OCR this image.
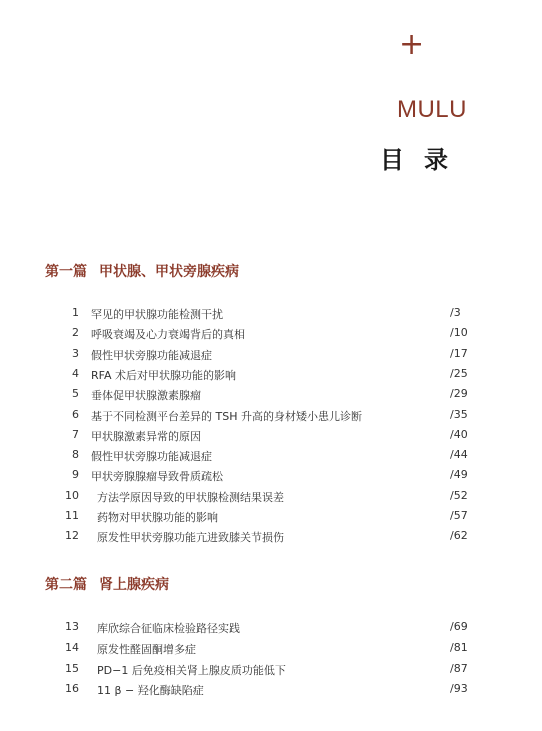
+
MULU
目录
第一篇 甲状腺、甲状旁腺疾病
1 罕见的甲状腺功能检测干扰	/3
2 呼吸衰竭及心力衰竭背后的真相	/10
3 假性甲状旁腺功能减退症	/17
4 RFA 术后对甲状腺功能的影响	/25
5 垂体促甲状腺激素腺瘤	/29
6 基于不同检测平台差异的 TSH 升高的身材矮小患儿诊断	/35
7 甲状腺激素异常的原因	/40
8 假性甲状旁腺功能减退症	/44
9 甲状旁腺腺瘤导致骨质疏松	/49
10 方法学原因导致的甲状腺检测结果误差	/52
11 药物对甲状腺功能的影响	/57
12 原发性甲状旁腺功能亢进致膝关节损伤	/62
第二篇 肾上腺疾病
13 库欣综合征临床检验路径实践	/69
14 原发性醛固酮增多症	/81
15 PD−1 后免疫相关肾上腺皮质功能低下	/87
16 11 β − 羟化酶缺陷症	/93
